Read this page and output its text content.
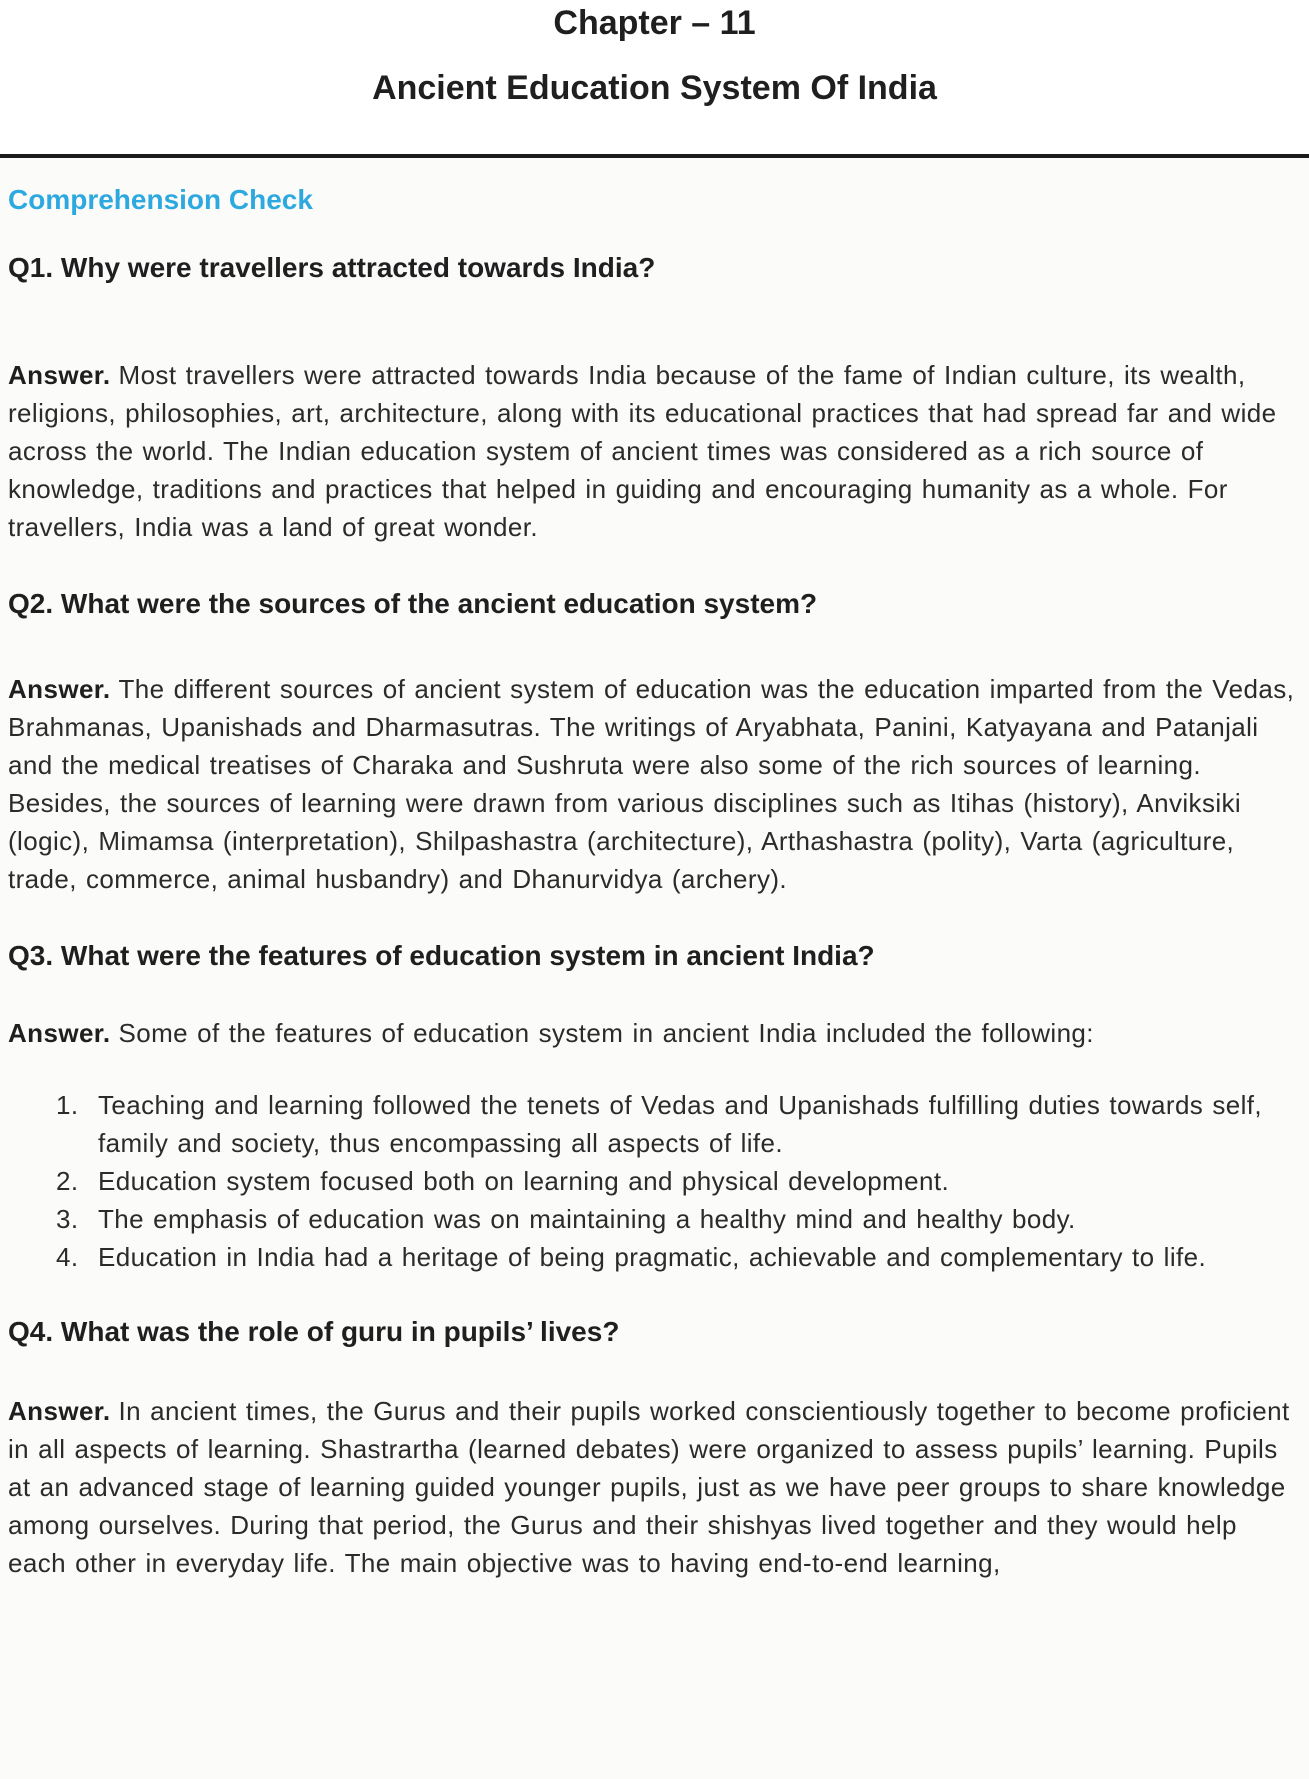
Chapter – 11
Ancient Education System Of India
Comprehension Check
Q1. Why were travellers attracted towards India?

Answer. Most travellers were attracted towards India because of the fame of Indian culture, its wealth, religions, philosophies, art, architecture, along with its educational practices that had spread far and wide across the world. The Indian education system of ancient times was considered as a rich source of knowledge, traditions and practices that helped in guiding and encouraging humanity as a whole. For travellers, India was a land of great wonder.

Q2. What were the sources of the ancient education system?

Answer. The different sources of ancient system of education was the education imparted from the Vedas, Brahmanas, Upanishads and Dharmasutras. The writings of Aryabhata, Panini, Katyayana and Patanjali and the medical treatises of Charaka and Sushruta were also some of the rich sources of learning. Besides, the sources of learning were drawn from various disciplines such as Itihas (history), Anviksiki (logic), Mimamsa (interpretation), Shilpashastra (architecture), Arthashastra (polity), Varta (agriculture, trade, commerce, animal husbandry) and Dhanurvidya (archery).

Q3. What were the features of education system in ancient India?

Answer. Some of the features of education system in ancient India included the following:

1. Teaching and learning followed the tenets of Vedas and Upanishads fulfilling duties towards self, family and society, thus encompassing all aspects of life.
2. Education system focused both on learning and physical development.
3. The emphasis of education was on maintaining a healthy mind and healthy body.
4. Education in India had a heritage of being pragmatic, achievable and complementary to life.
Q4. What was the role of guru in pupils’ lives?

Answer. In ancient times, the Gurus and their pupils worked conscientiously together to become proficient in all aspects of learning. Shastrartha (learned debates) were organized to assess pupils’ learning. Pupils at an advanced stage of learning guided younger pupils, just as we have peer groups to share knowledge among ourselves. During that period, the Gurus and their shishyas lived together and they would help each other in everyday life. The main objective was to having end-to-end learning,
